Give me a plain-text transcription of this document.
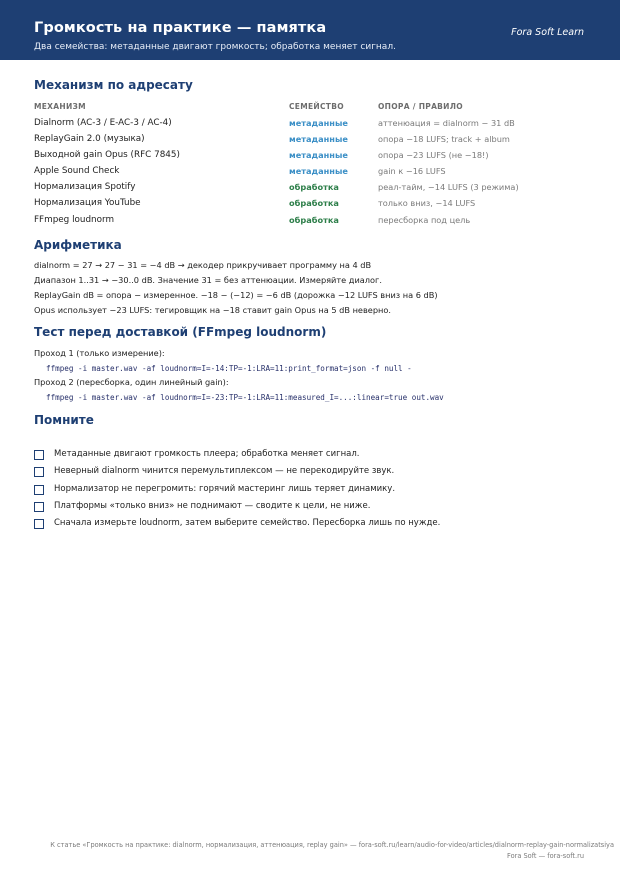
Громкость на практике — памятка
Два семейства: метаданные двигают громкость; обработка меняет сигнал.
Fora Soft Learn
Механизм по адресату
МЕХАНИЗМ	СЕМЕЙСТВО	ОПОРА / ПРАВИЛО
Dialnorm (AC-3 / E-AC-3 / AC-4)	метаданные	аттенюация = dialnorm − 31 dB
ReplayGain 2.0 (музыка)	метаданные	опора −18 LUFS; track + album
Выходной gain Opus (RFC 7845)	метаданные	опора −23 LUFS (не −18!)
Apple Sound Check	метаданные	gain к −16 LUFS
Нормализация Spotify	обработка	реал-тайм, −14 LUFS (3 режима)
Нормализация YouTube	обработка	только вниз, −14 LUFS
FFmpeg loudnorm	обработка	пересборка под цель
Арифметика
dialnorm = 27 → 27 − 31 = −4 dB → декодер прикручивает программу на 4 dB
Диапазон 1..31 → −30..0 dB. Значение 31 = без аттенюации. Измеряйте диалог.
ReplayGain dB = опора − измеренное. −18 − (−12) = −6 dB (дорожка −12 LUFS вниз на 6 dB)
Opus использует −23 LUFS: тегировщик на −18 ставит gain Opus на 5 dB неверно.
Тест перед доставкой (FFmpeg loudnorm)
Проход 1 (только измерение):
ffmpeg -i master.wav -af loudnorm=I=-14:TP=-1:LRA=11:print_format=json -f null -
Проход 2 (пересборка, один линейный gain):
ffmpeg -i master.wav -af loudnorm=I=-23:TP=-1:LRA=11:measured_I=...:linear=true out.wav
Помните
Метаданные двигают громкость плеера; обработка меняет сигнал.
Неверный dialnorm чинится перемультиплексом — не перекодируйте звук.
Нормализатор не перегромить: горячий мастеринг лишь теряет динамику.
Платформы «только вниз» не поднимают — сводите к цели, не ниже.
Сначала измерьте loudnorm, затем выберите семейство. Пересборка лишь по нужде.
К статье «Громкость на практике: dialnorm, нормализация, аттенюация, replay gain» — fora-soft.ru/learn/audio-for-video/articles/dialnorm-replay-gain-normalizatsiya
Fora Soft — fora-soft.ru
